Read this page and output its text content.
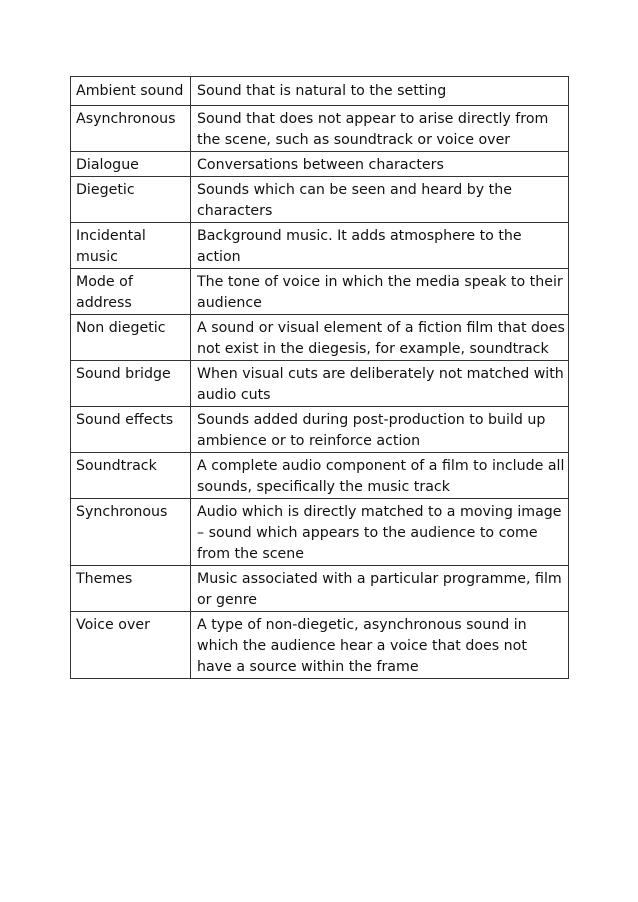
Ambient sound	Sound that is natural to the setting
Asynchronous	Sound that does not appear to arise directly from the scene, such as soundtrack or voice over
Dialogue	Conversations between characters
Diegetic	Sounds which can be seen and heard by the characters
Incidental music	Background music. It adds atmosphere to the action
Mode of address	The tone of voice in which the media speak to their audience
Non diegetic	A sound or visual element of a fiction film that does not exist in the diegesis, for example, soundtrack
Sound bridge	When visual cuts are deliberately not matched with audio cuts
Sound effects	Sounds added during post-production to build up ambience or to reinforce action
Soundtrack	A complete audio component of a film to include all sounds, specifically the music track
Synchronous	Audio which is directly matched to a moving image – sound which appears to the audience to come from the scene
Themes	Music associated with a particular programme, film or genre
Voice over	A type of non-diegetic, asynchronous sound in which the audience hear a voice that does not have a source within the frame
